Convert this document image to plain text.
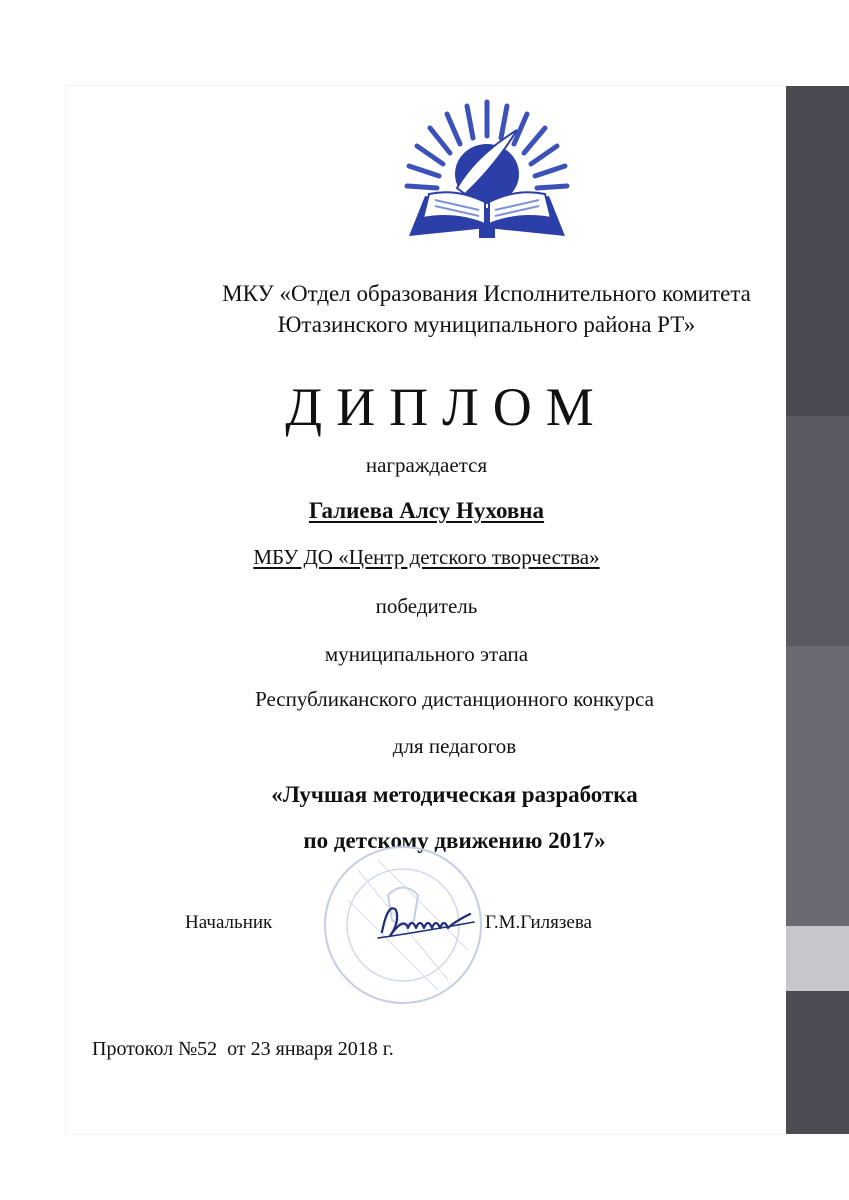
МКУ «Отдел образования Исполнительного комитета
Ютазинского муниципального района РТ»
ДИПЛОМ
награждается
Галиева Алсу Нуховна
МБУ ДО «Центр детского творчества»
победитель
муниципального этапа
Республиканского дистанционного конкурса
для педагогов
«Лучшая методическая разработка
по детскому движению 2017»
Начальник	Г.М.Гилязева
Протокол №52 от 23 января 2018 г.
